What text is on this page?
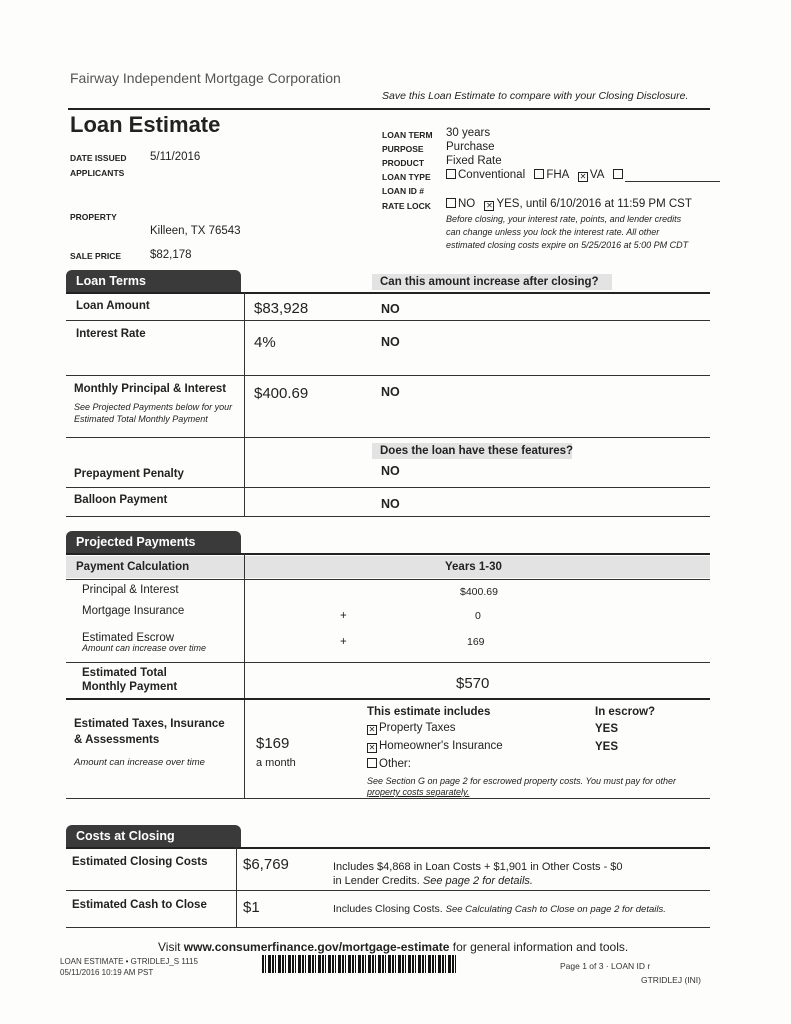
Fairway Independent Mortgage Corporation
Save this Loan Estimate to compare with your Closing Disclosure.
Loan Estimate
DATE ISSUED 5/11/2016
APPLICANTS
PROPERTY
Killeen, TX 76543
SALE PRICE	$82,178
LOAN TERM 30 years
PURPOSE Purchase
PRODUCT Fixed Rate
LOAN TYPE	Conventional FHA ✕ VA
LOAN ID #
RATE LOCK	NO ✕ YES, until 6/10/2016 at 11:59 PM CST
Before closing, your interest rate, points, and lender credits
can change unless you lock the interest rate. All other
estimated closing costs expire on 5/25/2016 at 5:00 PM CDT
Loan Terms	Can this amount increase after closing?
Loan Amount	$83,928	NO
Interest Rate	4%	NO
Monthly Principal & Interest
See Projected Payments below for your
Estimated Total Monthly Payment
$400.69	NO
Does the loan have these features?
Prepayment Penalty	NO
Balloon Payment	NO
Projected Payments
Payment Calculation	Years 1-30
Principal & Interest	$400.69
Mortgage Insurance	+	0
Estimated Escrow
Amount can increase over time	+	169
Estimated Total
Monthly Payment	$570
Estimated Taxes, Insurance
& Assessments
Amount can increase over time
$169
a month
This estimate includes	In escrow?
✕ Property Taxes	YES
✕ Homeowner's Insurance	YES
Other:
See Section G on page 2 for escrowed property costs. You must pay for other
property costs separately.
Costs at Closing
Estimated Closing Costs $6,769	Includes $4,868 in Loan Costs + $1,901 in Other Costs - $0
in Lender Credits. See page 2 for details.
Estimated Cash to Close $1	Includes Closing Costs. See Calculating Cash to Close on page 2 for details.
Visit www.consumerfinance.gov/mortgage-estimate for general information and tools.
LOAN ESTIMATE • GTRIDLEJ_S 1115
05/11/2016 10:19 AM PST
Page 1 of 3 · LOAN ID r
GTRIDLEJ (INI)
